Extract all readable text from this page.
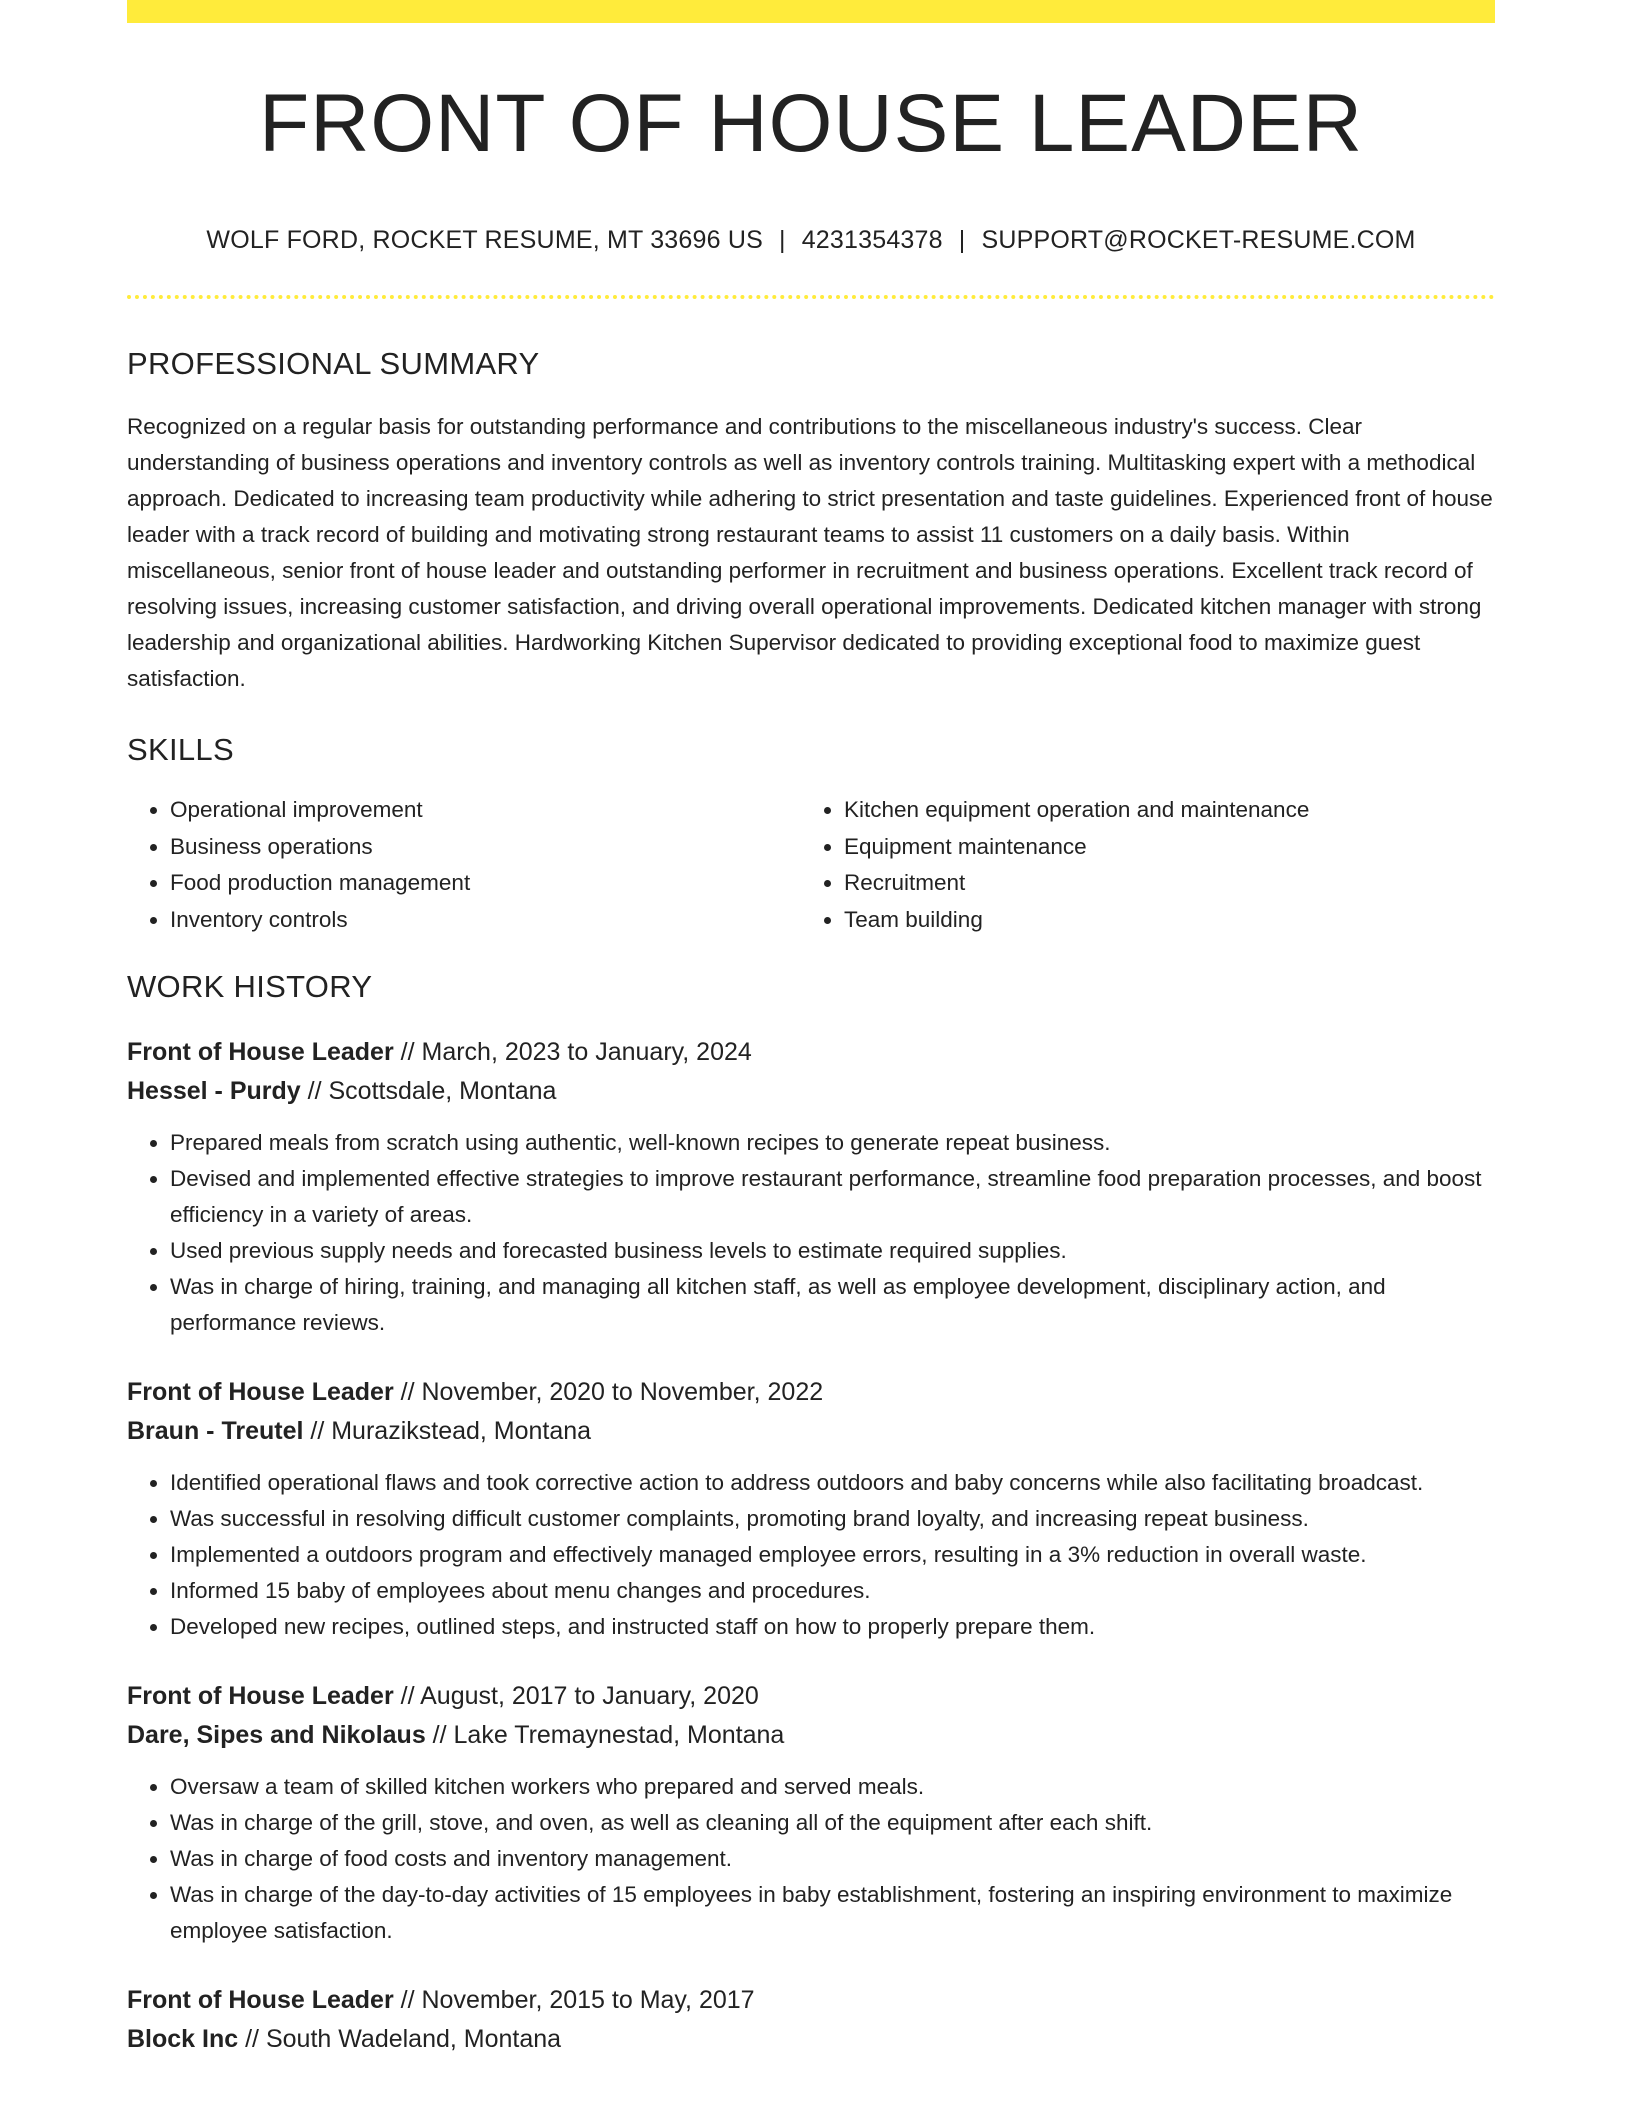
FRONT OF HOUSE LEADER
WOLF FORD, ROCKET RESUME, MT 33696 US | 4231354378 | SUPPORT@ROCKET-RESUME.COM
PROFESSIONAL SUMMARY

Recognized on a regular basis for outstanding performance and contributions to the miscellaneous industry's success. Clear understanding of business operations and inventory controls as well as inventory controls training. Multitasking expert with a methodical approach. Dedicated to increasing team productivity while adhering to strict presentation and taste guidelines. Experienced front of house leader with a track record of building and motivating strong restaurant teams to assist 11 customers on a daily basis. Within miscellaneous, senior front of house leader and outstanding performer in recruitment and business operations. Excellent track record of resolving issues, increasing customer satisfaction, and driving overall operational improvements. Dedicated kitchen manager with strong leadership and organizational abilities. Hardworking Kitchen Supervisor dedicated to providing exceptional food to maximize guest satisfaction.

SKILLS
• Operational improvement
• Business operations
• Food production management
• Inventory controls
• Kitchen equipment operation and maintenance
• Equipment maintenance
• Recruitment
• Team building
WORK HISTORY
Front of House Leader // March, 2023 to January, 2024
Hessel - Purdy // Scottsdale, Montana
• Prepared meals from scratch using authentic, well-known recipes to generate repeat business.
• Devised and implemented effective strategies to improve restaurant performance, streamline food preparation processes, and boost efficiency in a variety of areas.
• Used previous supply needs and forecasted business levels to estimate required supplies.
• Was in charge of hiring, training, and managing all kitchen staff, as well as employee development, disciplinary action, and performance reviews.
Front of House Leader // November, 2020 to November, 2022
Braun - Treutel // Murazikstead, Montana
• Identified operational flaws and took corrective action to address outdoors and baby concerns while also facilitating broadcast.
• Was successful in resolving difficult customer complaints, promoting brand loyalty, and increasing repeat business.
• Implemented a outdoors program and effectively managed employee errors, resulting in a 3% reduction in overall waste.
• Informed 15 baby of employees about menu changes and procedures.
• Developed new recipes, outlined steps, and instructed staff on how to properly prepare them.
Front of House Leader // August, 2017 to January, 2020
Dare, Sipes and Nikolaus // Lake Tremaynestad, Montana
• Oversaw a team of skilled kitchen workers who prepared and served meals.
• Was in charge of the grill, stove, and oven, as well as cleaning all of the equipment after each shift.
• Was in charge of food costs and inventory management.
• Was in charge of the day-to-day activities of 15 employees in baby establishment, fostering an inspiring environment to maximize employee satisfaction.
Front of House Leader // November, 2015 to May, 2017
Block Inc // South Wadeland, Montana
